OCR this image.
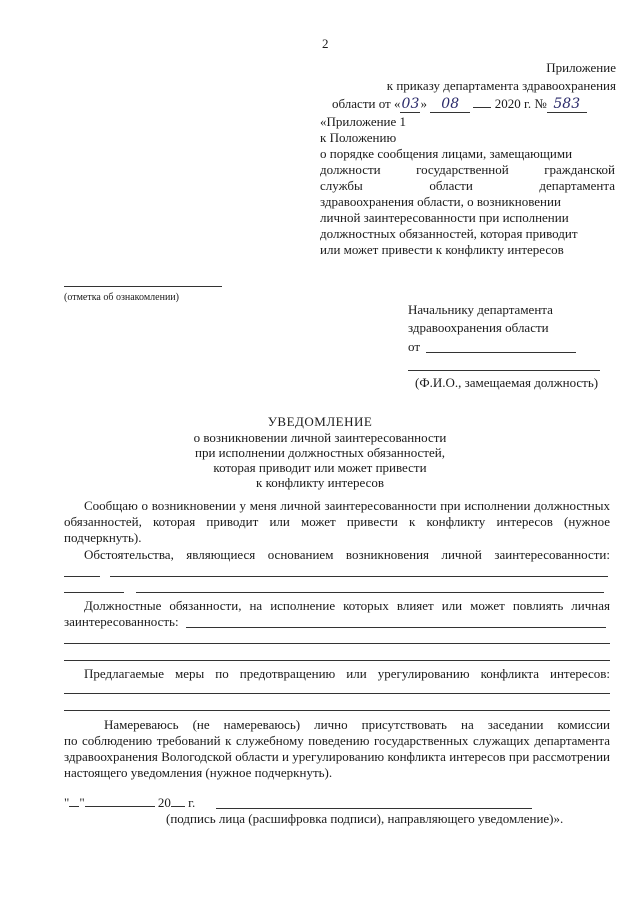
2
Приложение
к приказу департамента здравоохранения
области от «03» 08	2020 г. № 583
«Приложение 1
к Положению
о порядке сообщения лицами, замещающими
должности государственной гражданской
службы области департамента
здравоохранения области, о возникновении
личной заинтересованности при исполнении
должностных обязанностей, которая приводит
или может привести к конфликту интересов
(отметка об ознакомлении)
Начальнику департамента
здравоохранения области
от
(Ф.И.О., замещаемая должность)
УВЕДОМЛЕНИЕ
о возникновении личной заинтересованности
при исполнении должностных обязанностей,
которая приводит или может привести
к конфликту интересов
Сообщаю о возникновении у меня личной заинтересованности при исполнении должностных
обязанностей, которая приводит или может привести к конфликту интересов (нужное
подчеркнуть).
Обстоятельства, являющиеся основанием возникновения личной заинтересованности:
Должностные обязанности, на исполнение которых влияет или может повлиять личная
заинтересованность:
Предлагаемые меры по предотвращению или урегулированию конфликта интересов:
Намереваюсь (не намереваюсь) лично присутствовать на заседании комиссии
по соблюдению требований к служебному поведению государственных служащих департамента
здравоохранения Вологодской области и урегулированию конфликта интересов при рассмотрении
настоящего уведомления (нужное подчеркнуть).
" "	20 г.
(подпись лица (расшифровка подписи), направляющего уведомление)».
